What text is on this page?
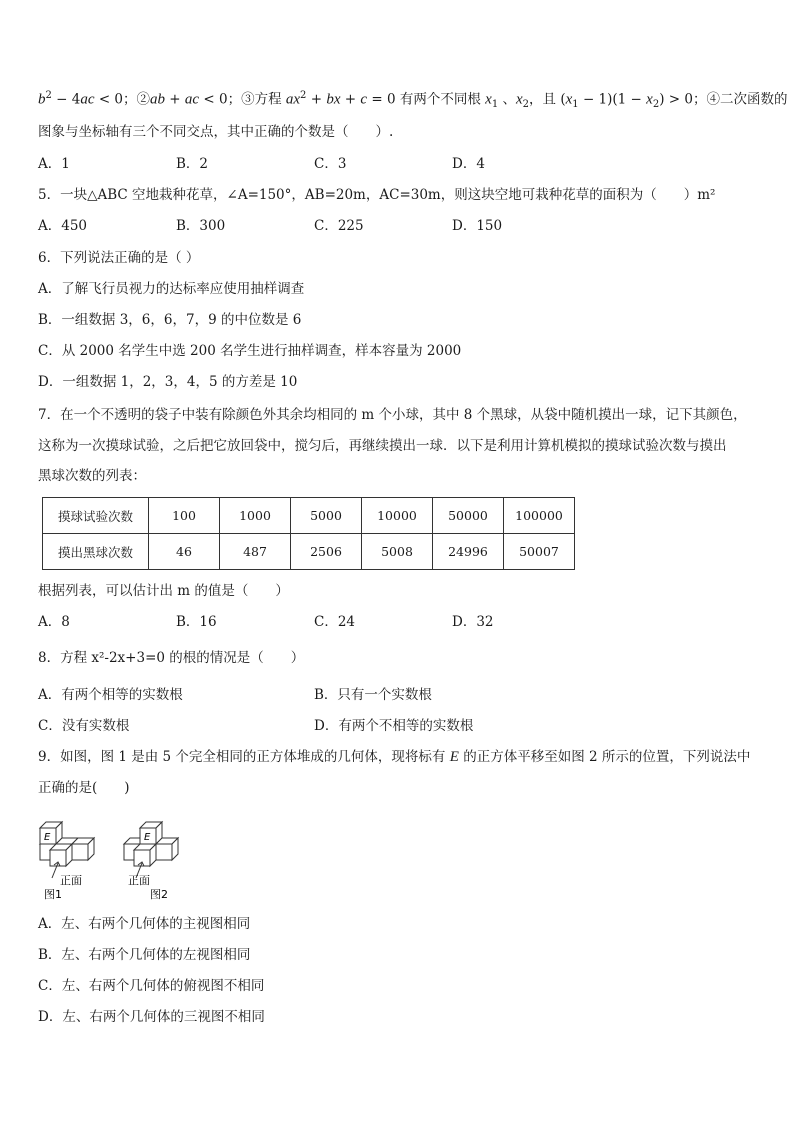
$b^2 - 4ac < 0$；②ab + ac < 0；③方程 $ax^2$ + bx + c = 0 有两个不同根 $x_1$ 、$x_2$，且 $(x_1 - 1)(1 - x_2) > 0$；④二次函数的
图象与坐标轴有三个不同交点，其中正确的个数是（　　）.
A．1	B．2	C．3	D．4
5．一块△ABC 空地栽种花草，∠A=150°，AB=20m，AC=30m，则这块空地可栽种花草的面积为（　　）m²
A．450	B．300	C．225	D．150
6．下列说法正确的是（ ）
A．了解飞行员视力的达标率应使用抽样调查
B．一组数据 3，6，6，7，9 的中位数是 6
C．从 2000 名学生中选 200 名学生进行抽样调查，样本容量为 2000
D．一组数据 1，2，3，4，5 的方差是 10
7．在一个不透明的袋子中装有除颜色外其余均相同的 m 个小球，其中 8 个黑球，从袋中随机摸出一球，记下其颜色，
这称为一次摸球试验，之后把它放回袋中，搅匀后，再继续摸出一球．以下是利用计算机模拟的摸球试验次数与摸出
黑球次数的列表：
摸球试验次数	100	1000	5000	10000	50000	100000
摸出黑球次数	46	487	2506	5008	24996	50007
根据列表，可以估计出 m 的值是（　　）
A．8	B．16	C．24	D．32
8．方程 x²-2x+3=0 的根的情况是（　　）
A．有两个相等的实数根	B．只有一个实数根
C．没有实数根	D．有两个不相等的实数根
9．如图，图 1 是由 5 个完全相同的正方体堆成的几何体，现将标有 E 的正方体平移至如图 2 所示的位置，下列说法中
正确的是(　　)
E	E
正面	正面
图1	图2
A．左、右两个几何体的主视图相同
B．左、右两个几何体的左视图相同
C．左、右两个几何体的俯视图不相同
D．左、右两个几何体的三视图不相同
